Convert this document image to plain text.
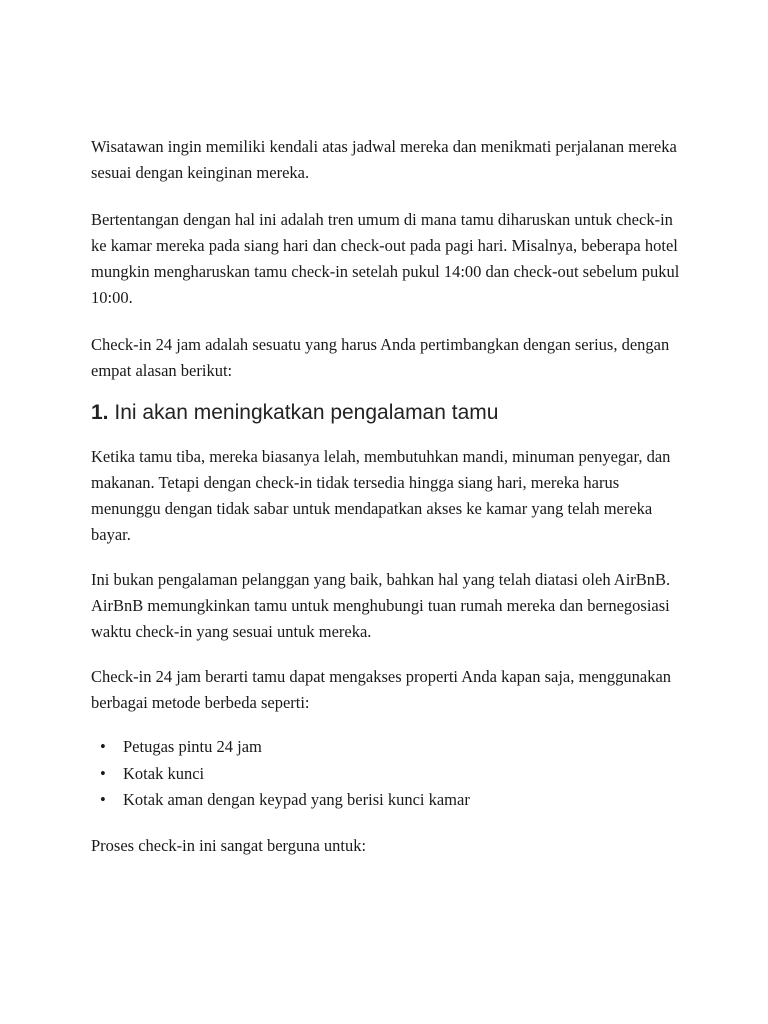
Wisatawan ingin memiliki kendali atas jadwal mereka dan menikmati perjalanan mereka sesuai dengan keinginan mereka.

Bertentangan dengan hal ini adalah tren umum di mana tamu diharuskan untuk check-in ke kamar mereka pada siang hari dan check-out pada pagi hari. Misalnya, beberapa hotel mungkin mengharuskan tamu check-in setelah pukul 14:00 dan check-out sebelum pukul 10:00.

Check-in 24 jam adalah sesuatu yang harus Anda pertimbangkan dengan serius, dengan empat alasan berikut:

1. Ini akan meningkatkan pengalaman tamu

Ketika tamu tiba, mereka biasanya lelah, membutuhkan mandi, minuman penyegar, dan makanan. Tetapi dengan check-in tidak tersedia hingga siang hari, mereka harus menunggu dengan tidak sabar untuk mendapatkan akses ke kamar yang telah mereka bayar.

Ini bukan pengalaman pelanggan yang baik, bahkan hal yang telah diatasi oleh AirBnB. AirBnB memungkinkan tamu untuk menghubungi tuan rumah mereka dan bernegosiasi waktu check-in yang sesuai untuk mereka.

Check-in 24 jam berarti tamu dapat mengakses properti Anda kapan saja, menggunakan berbagai metode berbeda seperti:

• Petugas pintu 24 jam
• Kotak kunci
• Kotak aman dengan keypad yang berisi kunci kamar

Proses check-in ini sangat berguna untuk:
